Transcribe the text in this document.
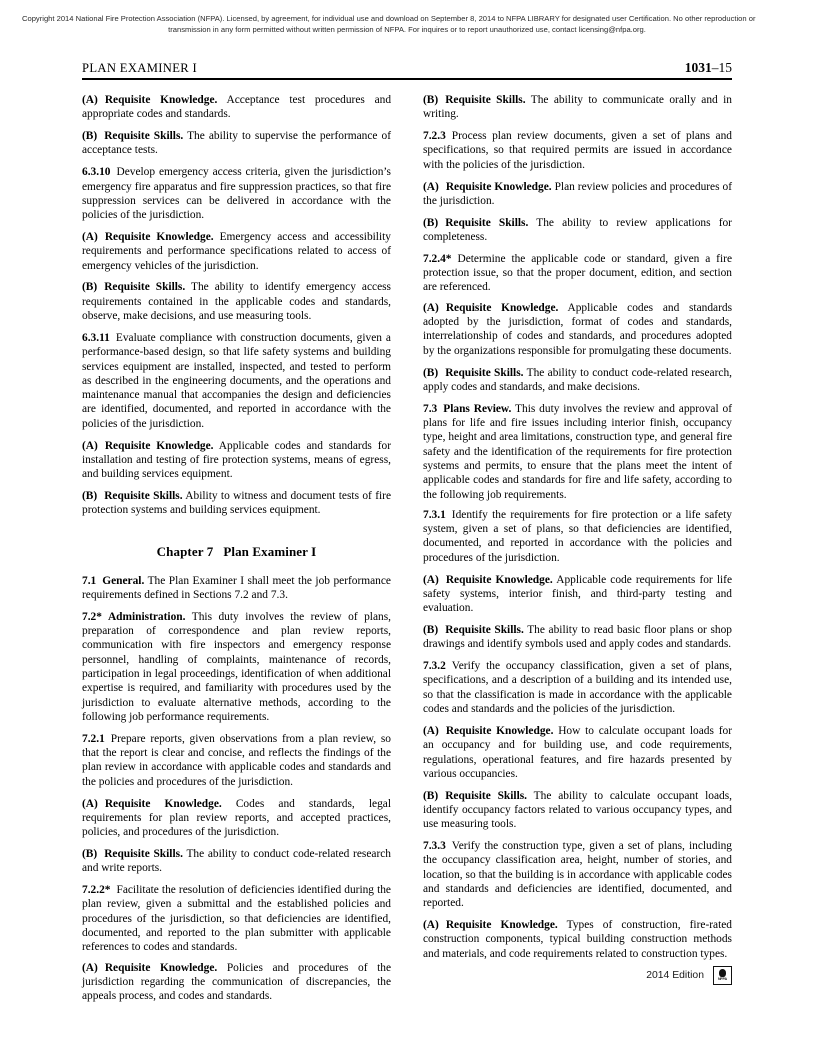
Copyright 2014 National Fire Protection Association (NFPA). Licensed, by agreement, for individual use and download on September 8, 2014 to NFPA LIBRARY for designated user Certification. No other reproduction or
transmission in any form permitted without written permission of NFPA. For inquires or to report unauthorized use, contact licensing@nfpa.org.
PLAN EXAMINER I	1031–15

(A) Requisite Knowledge. Acceptance test procedures and appropriate codes and standards.

(B) Requisite Skills. The ability to supervise the performance of acceptance tests.

6.3.10 Develop emergency access criteria, given the jurisdiction’s emergency fire apparatus and fire suppression practices, so that fire suppression services can be delivered in accordance with the policies of the jurisdiction.

(A) Requisite Knowledge. Emergency access and accessibility requirements and performance specifications related to access of emergency vehicles of the jurisdiction.

(B) Requisite Skills. The ability to identify emergency access requirements contained in the applicable codes and standards, observe, make decisions, and use measuring tools.

6.3.11 Evaluate compliance with construction documents, given a performance-based design, so that life safety systems and building services equipment are installed, inspected, and tested to perform as described in the engineering documents, and the operations and maintenance manual that accompanies the design and deficiencies are identified, documented, and reported in accordance with the policies of the jurisdiction.

(A) Requisite Knowledge. Applicable codes and standards for installation and testing of fire protection systems, means of egress, and building services equipment.

(B) Requisite Skills. Ability to witness and document tests of fire protection systems and building services equipment.

Chapter 7 Plan Examiner I

7.1 General. The Plan Examiner I shall meet the job performance requirements defined in Sections 7.2 and 7.3.

7.2* Administration. This duty involves the review of plans, preparation of correspondence and plan review reports, communication with fire inspectors and emergency response personnel, handling of complaints, maintenance of records, participation in legal proceedings, identification of when additional expertise is required, and familiarity with procedures used by the jurisdiction to evaluate alternative methods, according to the following job performance requirements.

7.2.1 Prepare reports, given observations from a plan review, so that the report is clear and concise, and reflects the findings of the plan review in accordance with applicable codes and standards and the policies and procedures of the jurisdiction.

(A) Requisite Knowledge. Codes and standards, legal requirements for plan review reports, and accepted practices, policies, and procedures of the jurisdiction.

(B) Requisite Skills. The ability to conduct code-related research and write reports.

7.2.2* Facilitate the resolution of deficiencies identified during the plan review, given a submittal and the established policies and procedures of the jurisdiction, so that deficiencies are identified, documented, and reported to the plan submitter with applicable references to codes and standards.

(A) Requisite Knowledge. Policies and procedures of the jurisdiction regarding the communication of discrepancies, the appeals process, and codes and standards.

(B) Requisite Skills. The ability to communicate orally and in writing.

7.2.3 Process plan review documents, given a set of plans and specifications, so that required permits are issued in accordance with the policies of the jurisdiction.

(A) Requisite Knowledge. Plan review policies and procedures of the jurisdiction.

(B) Requisite Skills. The ability to review applications for completeness.

7.2.4* Determine the applicable code or standard, given a fire protection issue, so that the proper document, edition, and section are referenced.

(A) Requisite Knowledge. Applicable codes and standards adopted by the jurisdiction, format of codes and standards, interrelationship of codes and standards, and procedures adopted by the organizations responsible for promulgating these documents.

(B) Requisite Skills. The ability to conduct code-related research, apply codes and standards, and make decisions.

7.3 Plans Review. This duty involves the review and approval of plans for life and fire issues including interior finish, occupancy type, height and area limitations, construction type, and general fire safety and the identification of the requirements for fire protection systems and permits, to ensure that the plans meet the intent of applicable codes and standards for fire and life safety, according to the following job requirements.

7.3.1 Identify the requirements for fire protection or a life safety system, given a set of plans, so that deficiencies are identified, documented, and reported in accordance with the policies and procedures of the jurisdiction.

(A) Requisite Knowledge. Applicable code requirements for life safety systems, interior finish, and third-party testing and evaluation.

(B) Requisite Skills. The ability to read basic floor plans or shop drawings and identify symbols used and apply codes and standards.

7.3.2 Verify the occupancy classification, given a set of plans, specifications, and a description of a building and its intended use, so that the classification is made in accordance with the applicable codes and standards and the policies of the jurisdiction.

(A) Requisite Knowledge. How to calculate occupant loads for an occupancy and for building use, and code requirements, regulations, operational features, and fire hazards presented by various occupancies.

(B) Requisite Skills. The ability to calculate occupant loads, identify occupancy factors related to various occupancy types, and use measuring tools.

7.3.3 Verify the construction type, given a set of plans, including the occupancy classification area, height, number of stories, and location, so that the building is in accordance with applicable codes and standards and deficiencies are identified, documented, and reported.

(A) Requisite Knowledge. Types of construction, fire-rated construction components, typical building construction methods and materials, and code requirements related to construction types.

2014 Edition	NFPA
